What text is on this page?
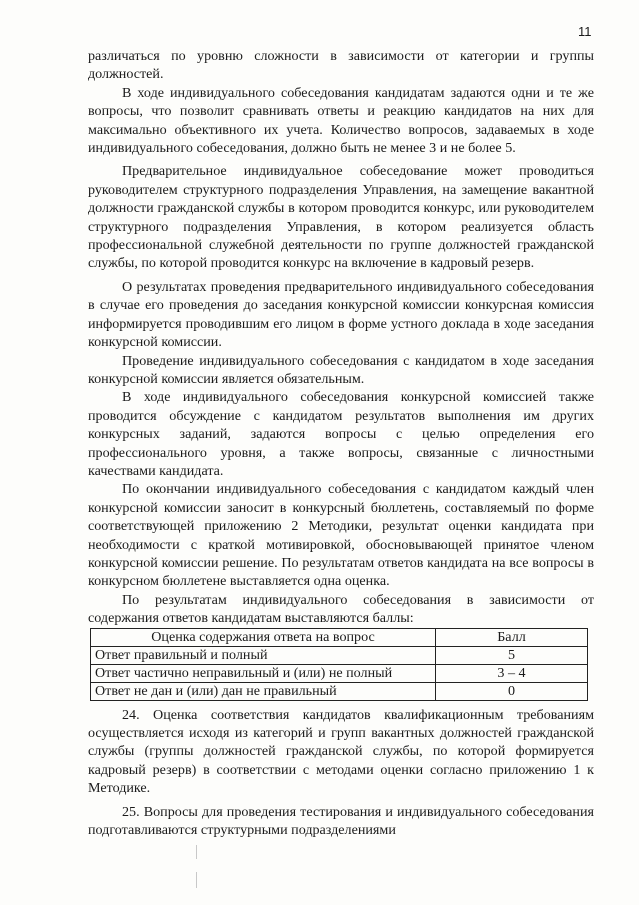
11

различаться по уровню сложности в зависимости от категории и группы должностей.

В ходе индивидуального собеседования кандидатам задаются одни и те же вопросы, что позволит сравнивать ответы и реакцию кандидатов на них для максимально объективного их учета. Количество вопросов, задаваемых в ходе индивидуального собеседования, должно быть не менее 3 и не более 5.

Предварительное индивидуальное собеседование может проводиться руководителем структурного подразделения Управления, на замещение вакантной должности гражданской службы в котором проводится конкурс, или руководителем структурного подразделения Управления, в котором реализуется область профессиональной служебной деятельности по группе должностей гражданской службы, по которой проводится конкурс на включение в кадровый резерв.

О результатах проведения предварительного индивидуального собеседования в случае его проведения до заседания конкурсной комиссии конкурсная комиссия информируется проводившим его лицом в форме устного доклада в ходе заседания конкурсной комиссии.

Проведение индивидуального собеседования с кандидатом в ходе заседания конкурсной комиссии является обязательным.

В ходе индивидуального собеседования конкурсной комиссией также проводится обсуждение с кандидатом результатов выполнения им других конкурсных заданий, задаются вопросы с целью определения его профессионального уровня, а также вопросы, связанные с личностными качествами кандидата.

По окончании индивидуального собеседования с кандидатом каждый член конкурсной комиссии заносит в конкурсный бюллетень, составляемый по форме соответствующей приложению 2 Методики, результат оценки кандидата при необходимости с краткой мотивировкой, обосновывающей принятое членом конкурсной комиссии решение. По результатам ответов кандидата на все вопросы в конкурсном бюллетене выставляется одна оценка.

По результатам индивидуального собеседования в зависимости от содержания ответов кандидатам выставляются баллы:

Оценка содержания ответа на вопрос	Балл
Ответ правильный и полный	5
Ответ частично неправильный и (или) не полный	3 – 4
Ответ не дан и (или) дан не правильный	0

24. Оценка соответствия кандидатов квалификационным требованиям осуществляется исходя из категорий и групп вакантных должностей гражданской службы (группы должностей гражданской службы, по которой формируется кадровый резерв) в соответствии с методами оценки согласно приложению 1 к Методике.

25. Вопросы для проведения тестирования и индивидуального собеседования подготавливаются структурными подразделениями
